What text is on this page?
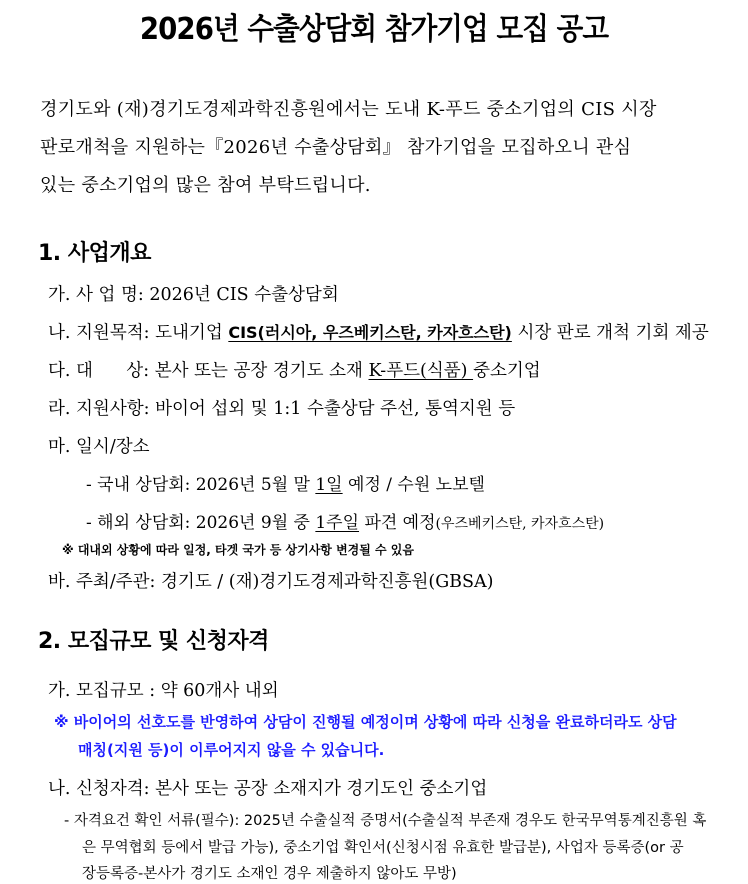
2026년 수출상담회 참가기업 모집 공고
경기도와 (재)경기도경제과학진흥원에서는 도내 K-푸드 중소기업의 CIS 시장
판로개척을 지원하는『2026년 수출상담회』 참가기업을 모집하오니 관심
있는 중소기업의 많은 참여 부탁드립니다.
1. 사업개요
가. 사 업 명: 2026년 CIS 수출상담회
나. 지원목적: 도내기업 CIS(러시아, 우즈베키스탄, 카자흐스탄) 시장 판로 개척 기회 제공
다. 대      상: 본사 또는 공장 경기도 소재 K-푸드(식품) 중소기업
라. 지원사항: 바이어 섭외 및 1:1 수출상담 주선, 통역지원 등
마. 일시/장소
- 국내 상담회: 2026년 5월 말 1일 예정 / 수원 노보텔
- 해외 상담회: 2026년 9월 중 1주일 파견 예정(우즈베키스탄, 카자흐스탄)
※ 대내외 상황에 따라 일정, 타겟 국가 등 상기사항 변경될 수 있음
바. 주최/주관: 경기도 / (재)경기도경제과학진흥원(GBSA)
2. 모집규모 및 신청자격
가. 모집규모 : 약 60개사 내외
※ 바이어의 선호도를 반영하여 상담이 진행될 예정이며 상황에 따라 신청을 완료하더라도 상담
매칭(지원 등)이 이루어지지 않을 수 있습니다.
나. 신청자격: 본사 또는 공장 소재지가 경기도인 중소기업
- 자격요건 확인 서류(필수): 2025년 수출실적 증명서(수출실적 부존재 경우도 한국무역통계진흥원 혹
은 무역협회 등에서 발급 가능), 중소기업 확인서(신청시점 유효한 발급분), 사업자 등록증(or 공
장등록증-본사가 경기도 소재인 경우 제출하지 않아도 무방)
